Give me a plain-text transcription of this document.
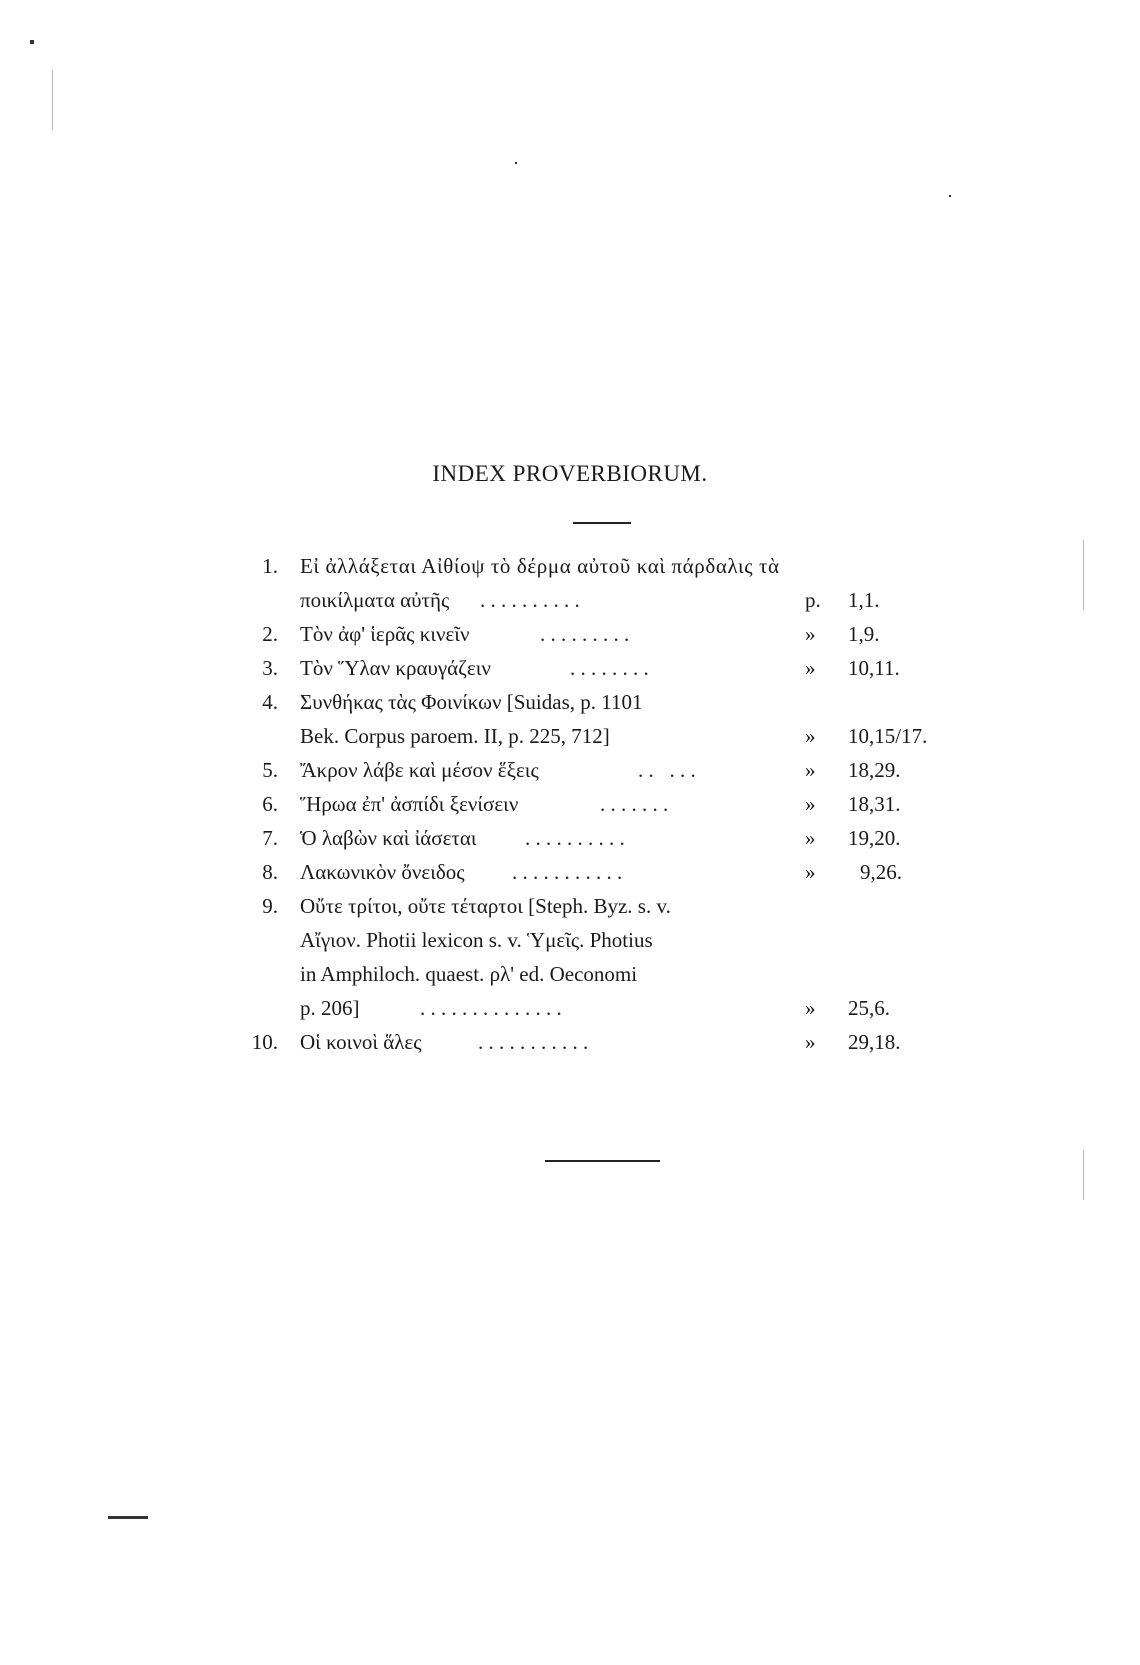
INDEX PROVERBIORUM.
1. Εἰ ἀλλάξεται Αἰθίοψ τὸ δέρμα αὐτοῦ καὶ πάρδαλις τὰ
ποικίλματα αὐτῆς . . . . . . . . . .	p. 1,1.
2. Τὸν ἀφ' ἱερᾶς κινεῖν	. . . . . . . . .	» 1,9.
3. Τὸν Ὕλαν κραυγάζειν	. . . . . . . .	» 10,11.
4. Συνθήκας τὰς Φοινίκων [Suidas, p. 1101
Bek. Corpus paroem. II, p. 225, 712]	» 10,15/17.
5. Ἄκρον λάβε καὶ μέσον ἕξεις	. .   . . .	» 18,29.
6. Ἥρωα ἐπ' ἀσπίδι ξενίσειν	. . . . . . .	» 18,31.
7. Ὁ λαβὼν καὶ ἰάσεται . . . . . . . . . .	» 19,20.
8. Λακωνικὸν ὄνειδος . . . . . . . . . . .	» 9,26.
9. Οὔτε τρίτοι, οὔτε τέταρτοι [Steph. Byz. s. v.
Αἴγιον. Photii lexicon s. v. Ὑμεῖς. Photius
in Amphiloch. quaest. ρλ' ed. Oeconomi
p. 206]	. . . . . . . . . . . . . .	» 25,6.
10. Οἱ κοινοὶ ἅλες	. . . . . . . . . . .	» 29,18.
